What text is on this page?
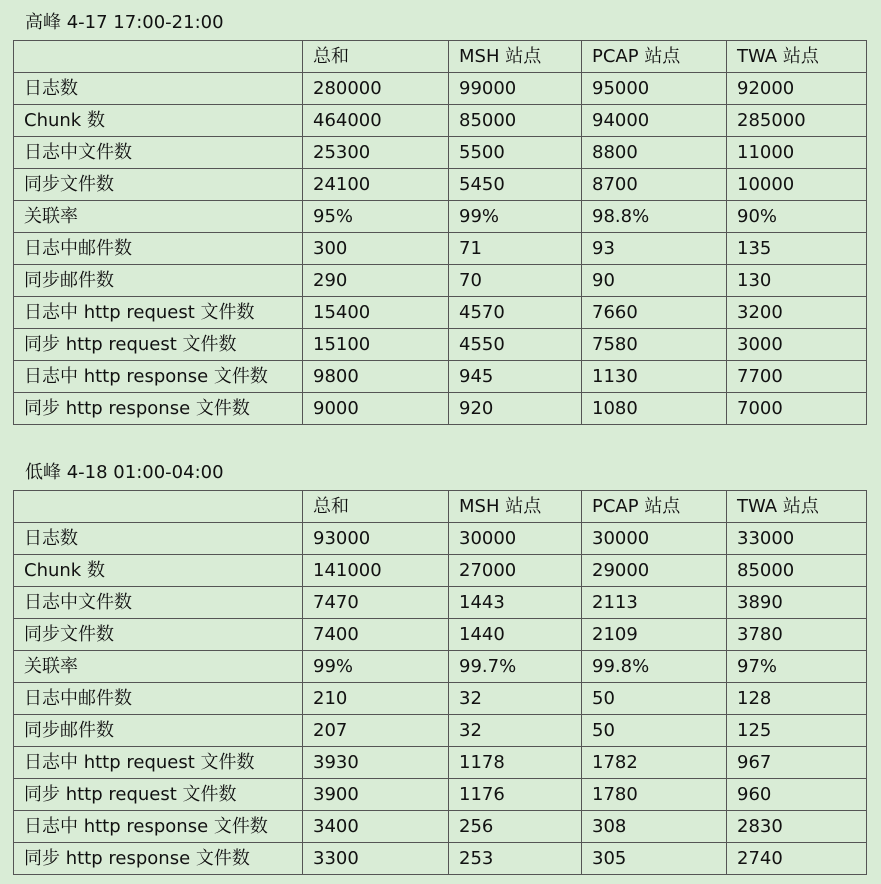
高峰 4-17 17:00-21:00
	总和	MSH 站点	PCAP 站点	TWA 站点
日志数	280000	99000	95000	92000
Chunk 数	464000	85000	94000	285000
日志中文件数	25300	5500	8800	11000
同步文件数	24100	5450	8700	10000
关联率	95%	99%	98.8%	90%
日志中邮件数	300	71	93	135
同步邮件数	290	70	90	130
日志中 http request 文件数	15400	4570	7660	3200
同步 http request 文件数	15100	4550	7580	3000
日志中 http response 文件数	9800	945	1130	7700
同步 http response 文件数	9000	920	1080	7000
低峰 4-18 01:00-04:00
	总和	MSH 站点	PCAP 站点	TWA 站点
日志数	93000	30000	30000	33000
Chunk 数	141000	27000	29000	85000
日志中文件数	7470	1443	2113	3890
同步文件数	7400	1440	2109	3780
关联率	99%	99.7%	99.8%	97%
日志中邮件数	210	32	50	128
同步邮件数	207	32	50	125
日志中 http request 文件数	3930	1178	1782	967
同步 http request 文件数	3900	1176	1780	960
日志中 http response 文件数	3400	256	308	2830
同步 http response 文件数	3300	253	305	2740
